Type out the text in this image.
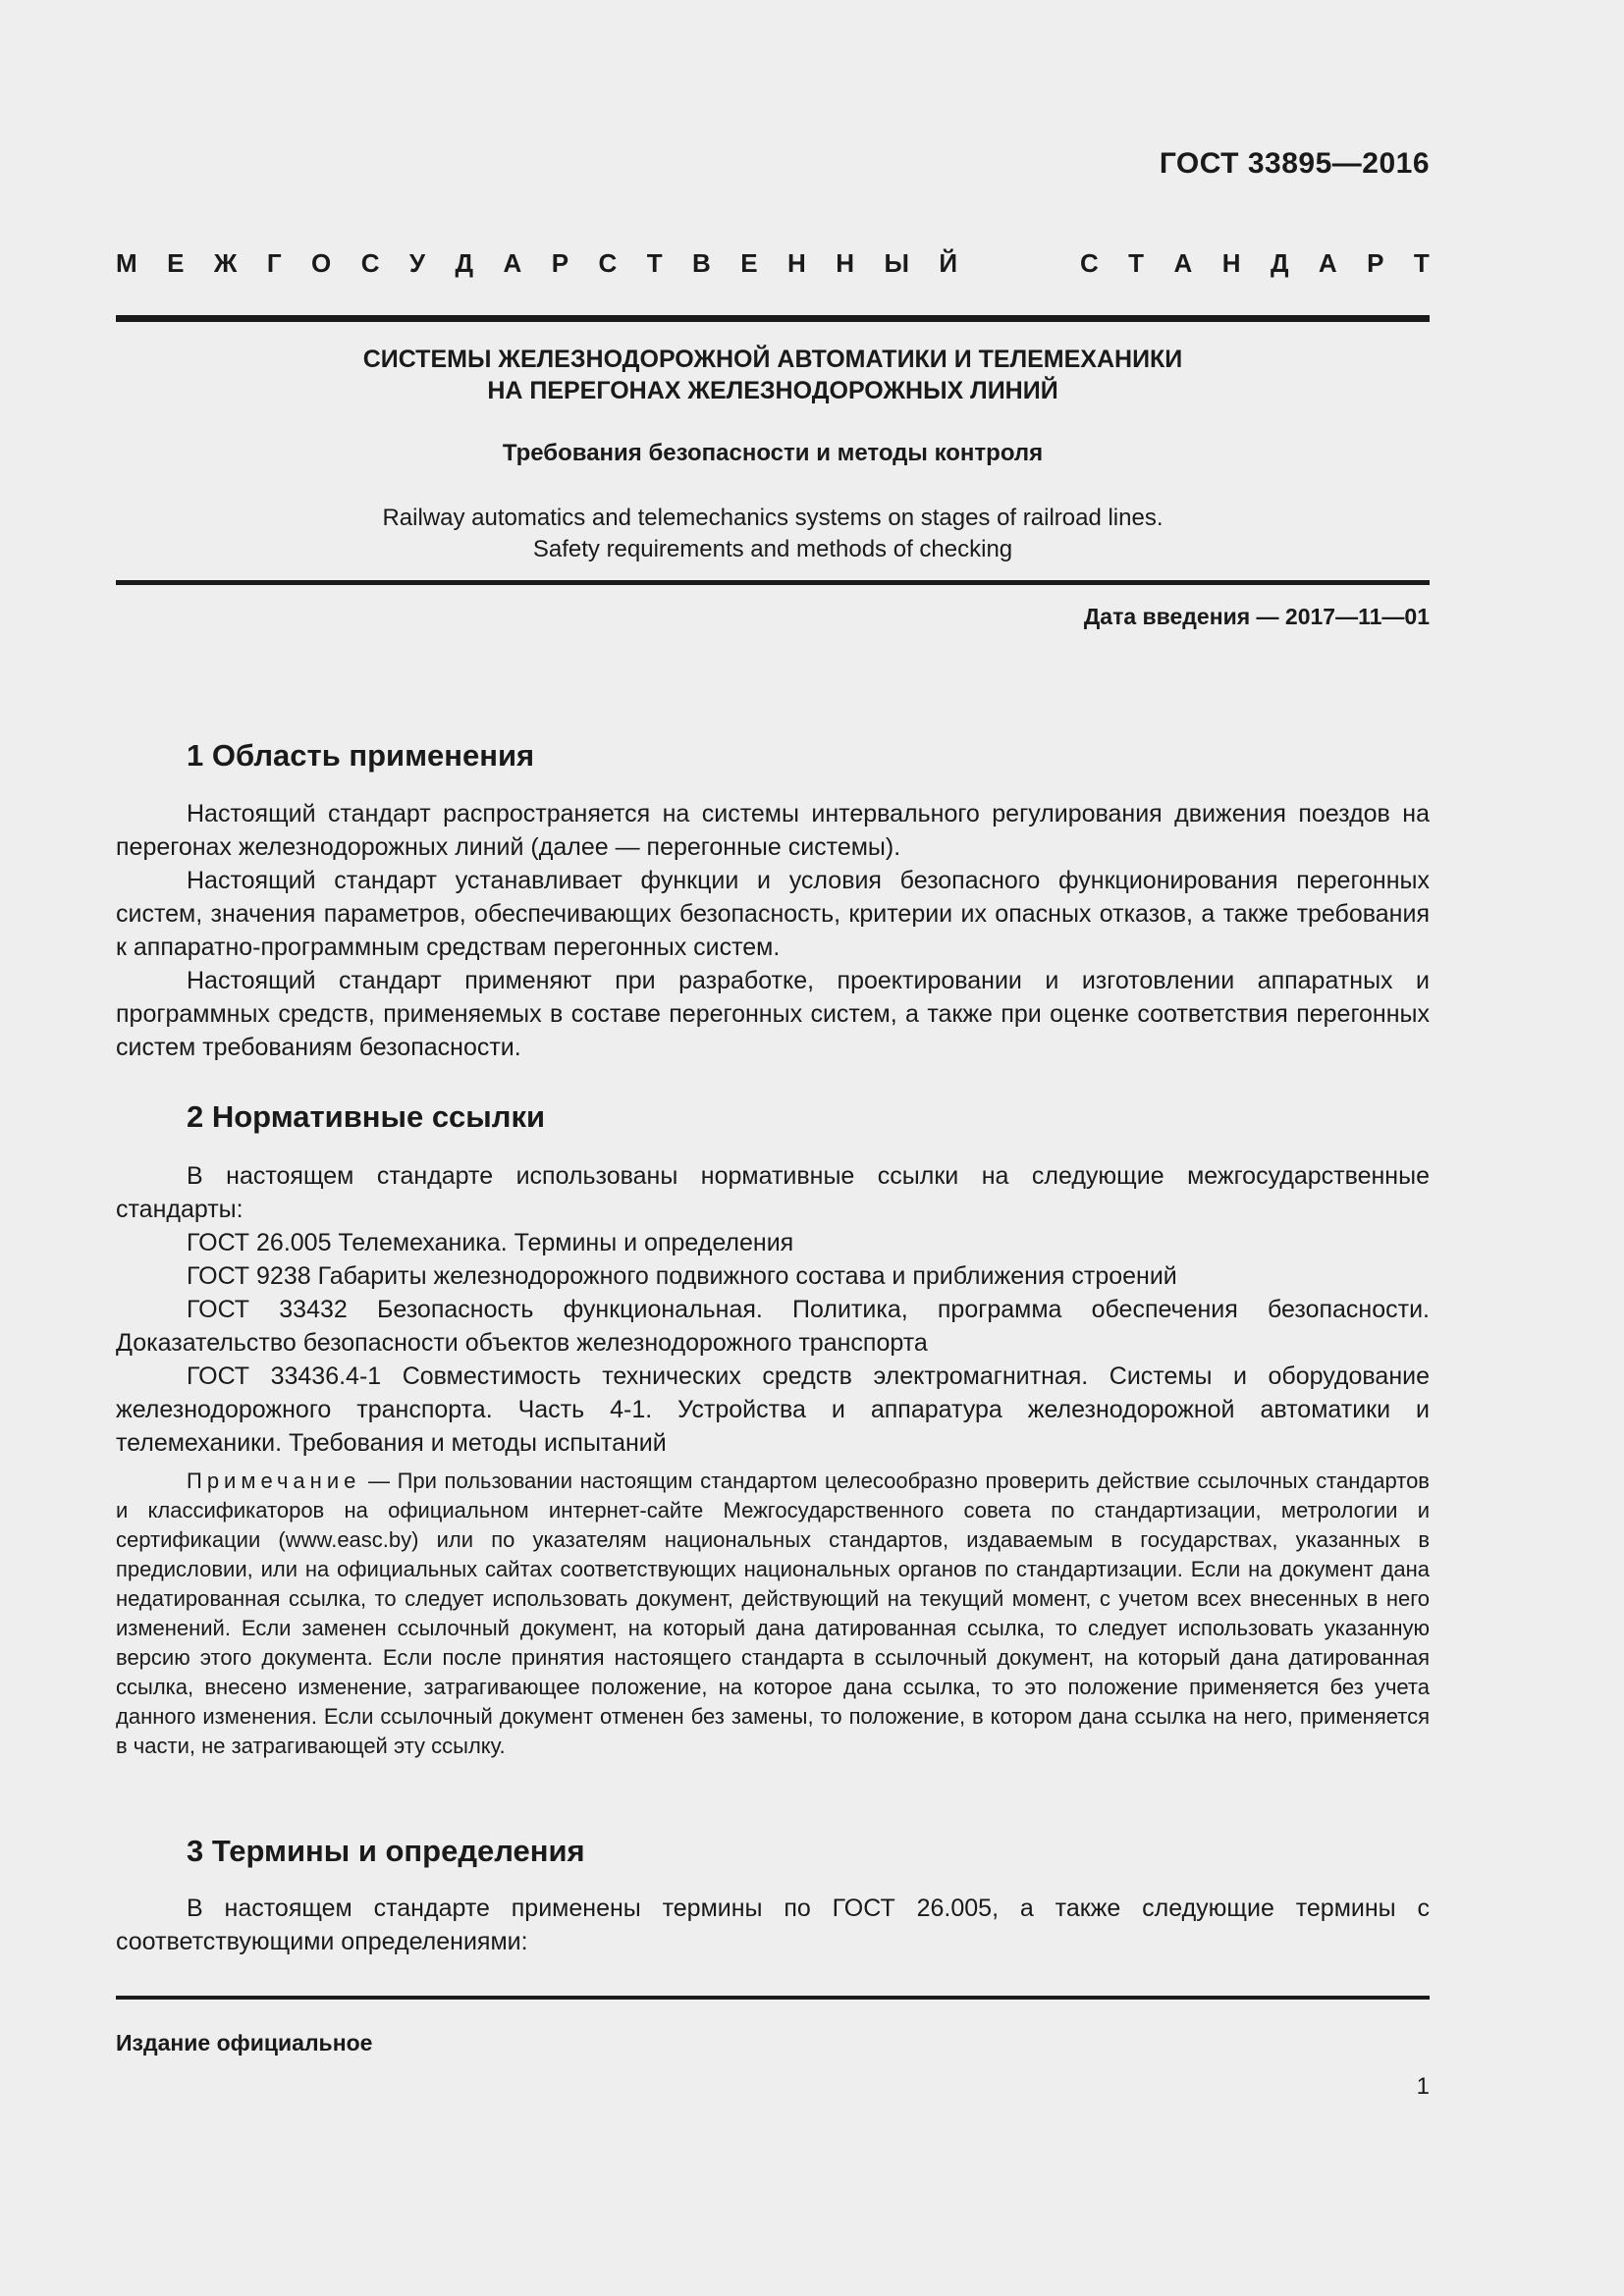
ГОСТ 33895—2016
М Е Ж Г О С У Д А Р С Т В Е Н Н Ы Й	С Т А Н Д А Р Т
СИСТЕМЫ ЖЕЛЕЗНОДОРОЖНОЙ АВТОМАТИКИ И ТЕЛЕМЕХАНИКИ
НА ПЕРЕГОНАХ ЖЕЛЕЗНОДОРОЖНЫХ ЛИНИЙ
Требования безопасности и методы контроля
Railway automatics and telemechanics systems on stages of railroad lines.
Safety requirements and methods of checking
Дата введения — 2017—11—01
1 Область применения

Настоящий стандарт распространяется на системы интервального регулирования движения поездов на перегонах железнодорожных линий (далее — перегонные системы).

Настоящий стандарт устанавливает функции и условия безопасного функционирования перегонных систем, значения параметров, обеспечивающих безопасность, критерии их опасных отказов, а также требования к аппаратно-программным средствам перегонных систем.

Настоящий стандарт применяют при разработке, проектировании и изготовлении аппаратных и программных средств, применяемых в составе перегонных систем, а также при оценке соответствия перегонных систем требованиям безопасности.

2 Нормативные ссылки

В настоящем стандарте использованы нормативные ссылки на следующие межгосударственные стандарты:

ГОСТ 26.005 Телемеханика. Термины и определения

ГОСТ 9238 Габариты железнодорожного подвижного состава и приближения строений

ГОСТ 33432 Безопасность функциональная. Политика, программа обеспечения безопасности. Доказательство безопасности объектов железнодорожного транспорта

ГОСТ 33436.4-1 Совместимость технических средств электромагнитная. Системы и оборудование железнодорожного транспорта. Часть 4-1. Устройства и аппаратура железнодорожной автоматики и телемеханики. Требования и методы испытаний

Примечание — При пользовании настоящим стандартом целесообразно проверить действие ссылочных стандартов и классификаторов на официальном интернет-сайте Межгосударственного совета по стандартизации, метрологии и сертификации (www.easc.by) или по указателям национальных стандартов, издаваемым в государствах, указанных в предисловии, или на официальных сайтах соответствующих национальных органов по стандартизации. Если на документ дана недатированная ссылка, то следует использовать документ, действующий на текущий момент, с учетом всех внесенных в него изменений. Если заменен ссылочный документ, на который дана датированная ссылка, то следует использовать указанную версию этого документа. Если после принятия настоящего стандарта в ссылочный документ, на который дана датированная ссылка, внесено изменение, затрагивающее положение, на которое дана ссылка, то это положение применяется без учета данного изменения. Если ссылочный документ отменен без замены, то положение, в котором дана ссылка на него, применяется в части, не затрагивающей эту ссылку.

3 Термины и определения

В настоящем стандарте применены термины по ГОСТ 26.005, а также следующие термины с соответствующими определениями:

Издание официальное
1
